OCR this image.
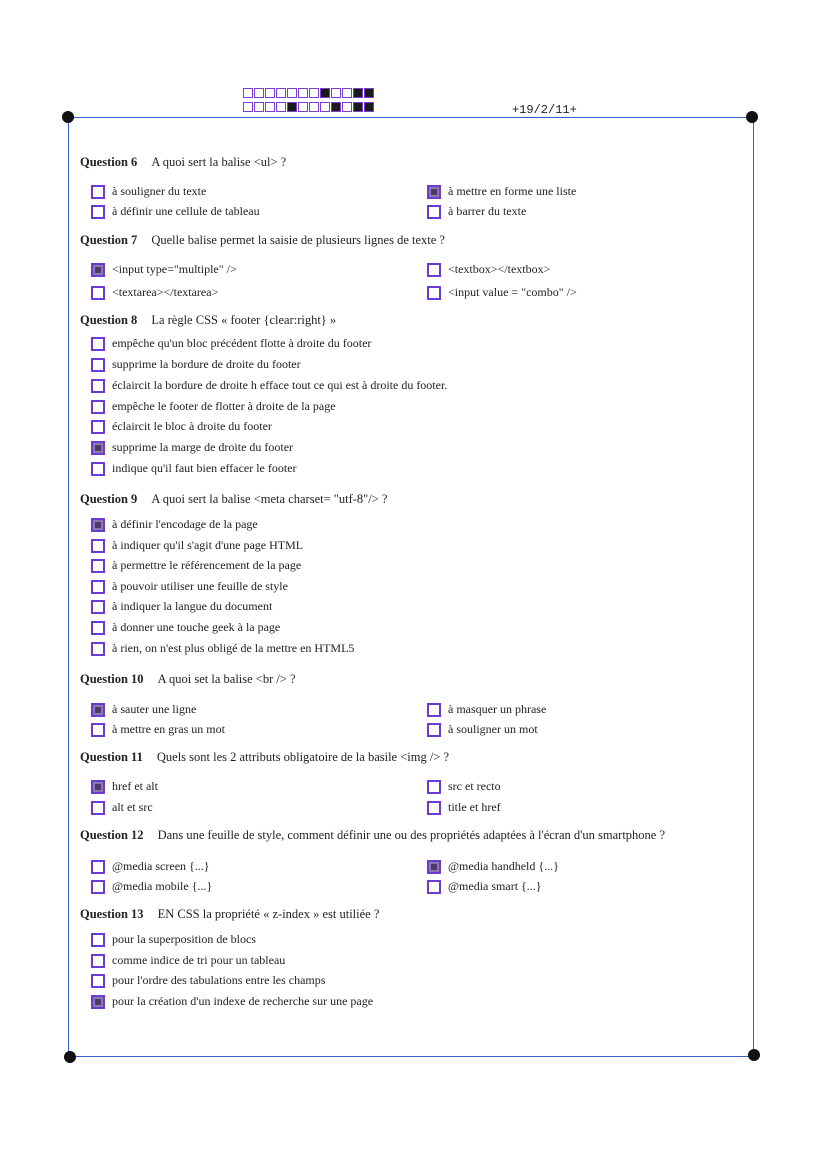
+19/2/11+
Question 6 A quoi sert la balise <ul> ?
à souligner du texte	à mettre en forme une liste
à définir une cellule de tableau	à barrer du texte
Question 7 Quelle balise permet la saisie de plusieurs lignes de texte ?
<input type="multiple" />	<textbox></textbox>
<textarea></textarea>	<input value = "combo" />
Question 8 La règle CSS « footer {clear:right} »
empêche qu'un bloc précédent flotte à droite du footer
supprime la bordure de droite du footer
éclaircit la bordure de droite h efface tout ce qui est à droite du footer.
empêche le footer de flotter à droite de la page
éclaircit le bloc à droite du footer
supprime la marge de droite du footer
indique qu'il faut bien effacer le footer
Question 9 A quoi sert la balise <meta charset= "utf-8"/> ?
à définir l'encodage de la page
à indiquer qu'il s'agit d'une page HTML
à permettre le référencement de la page
à pouvoir utiliser une feuille de style
à indiquer la langue du document
à donner une touche geek à la page
à rien, on n'est plus obligé de la mettre en HTML5
Question 10 A quoi set la balise <br /> ?
à sauter une ligne	à masquer un phrase
à mettre en gras un mot	à souligner un mot
Question 11 Quels sont les 2 attributs obligatoire de la basile <img /> ?
href et alt	src et recto
alt et src	title et href
Question 12 Dans une feuille de style, comment définir une ou des propriétés adaptées à l'écran d'un smartphone ?
@media screen {...}	@media handheld {...}
@media mobile {...}	@media smart {...}
Question 13 EN CSS la propriété « z-index » est utiliée ?
pour la superposition de blocs
comme indice de tri pour un tableau
pour l'ordre des tabulations entre les champs
pour la création d'un indexe de recherche sur une page
